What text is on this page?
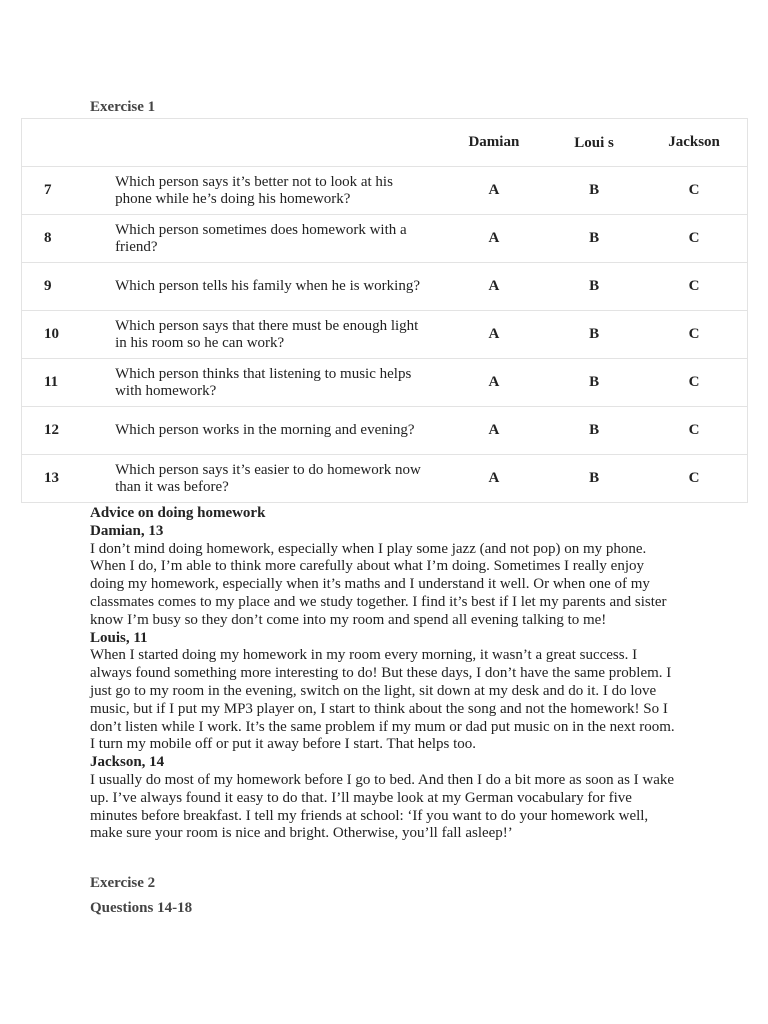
Exercise 1
		Damian	Loui s	Jackson
7	Which person says it’s better not to look at his phone while he’s doing his homework?	A	B	C
8	Which person sometimes does homework with a friend?	A	B	C
9	Which person tells his family when he is working?	A	B	C
10	Which person says that there must be enough light in his room so he can work?	A	B	C
11	Which person thinks that listening to music helps with homework?	A	B	C
12	Which person works in the morning and evening?	A	B	C
13	Which person says it’s easier to do homework now than it was before?	A	B	C
Advice on doing homework
Damian, 13

I don’t mind doing homework, especially when I play some jazz (and not pop) on my phone. When I do, I’m able to think more carefully about what I’m doing. Sometimes I really enjoy doing my homework, especially when it’s maths and I understand it well. Or when one of my classmates comes to my place and we study together. I find it’s best if I let my parents and sister know I’m busy so they don’t come into my room and spend all evening talking to me!

Louis, 11

When I started doing my homework in my room every morning, it wasn’t a great success. I always found something more interesting to do! But these days, I don’t have the same problem. I just go to my room in the evening, switch on the light, sit down at my desk and do it. I do love music, but if I put my MP3 player on, I start to think about the song and not the homework! So I don’t listen while I work. It’s the same problem if my mum or dad put music on in the next room. I turn my mobile off or put it away before I start. That helps too.

Jackson, 14

I usually do most of my homework before I go to bed. And then I do a bit more as soon as I wake up. I’ve always found it easy to do that. I’ll maybe look at my German vocabulary for five minutes before breakfast. I tell my friends at school: ‘If you want to do your homework well, make sure your room is nice and bright. Otherwise, you’ll fall asleep!’

Exercise 2
Questions 14-18
